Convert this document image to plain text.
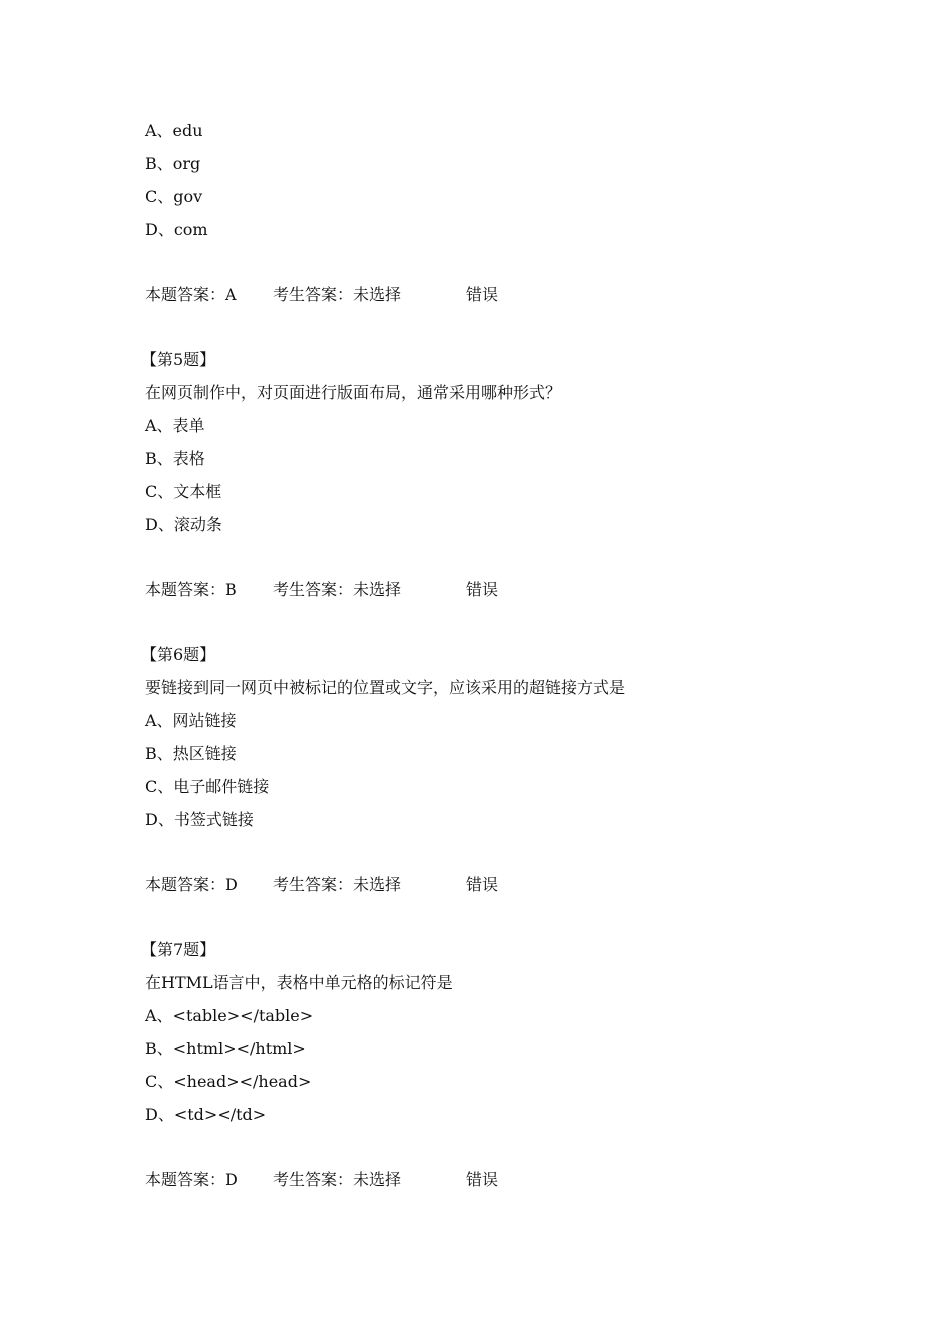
A、edu
B、org
C、gov
D、com
本题答案：A 考生答案：未选择	错误
【第5题】
在网页制作中，对页面进行版面布局，通常采用哪种形式？
A、表单
B、表格
C、文本框
D、滚动条
本题答案：B 考生答案：未选择	错误
【第6题】
要链接到同一网页中被标记的位置或文字，应该采用的超链接方式是
A、网站链接
B、热区链接
C、电子邮件链接
D、书签式链接
本题答案：D 考生答案：未选择	错误
【第7题】
在HTML语言中，表格中单元格的标记符是
A、<table></table>
B、<html></html>
C、<head></head>
D、<td></td>
本题答案：D 考生答案：未选择	错误
